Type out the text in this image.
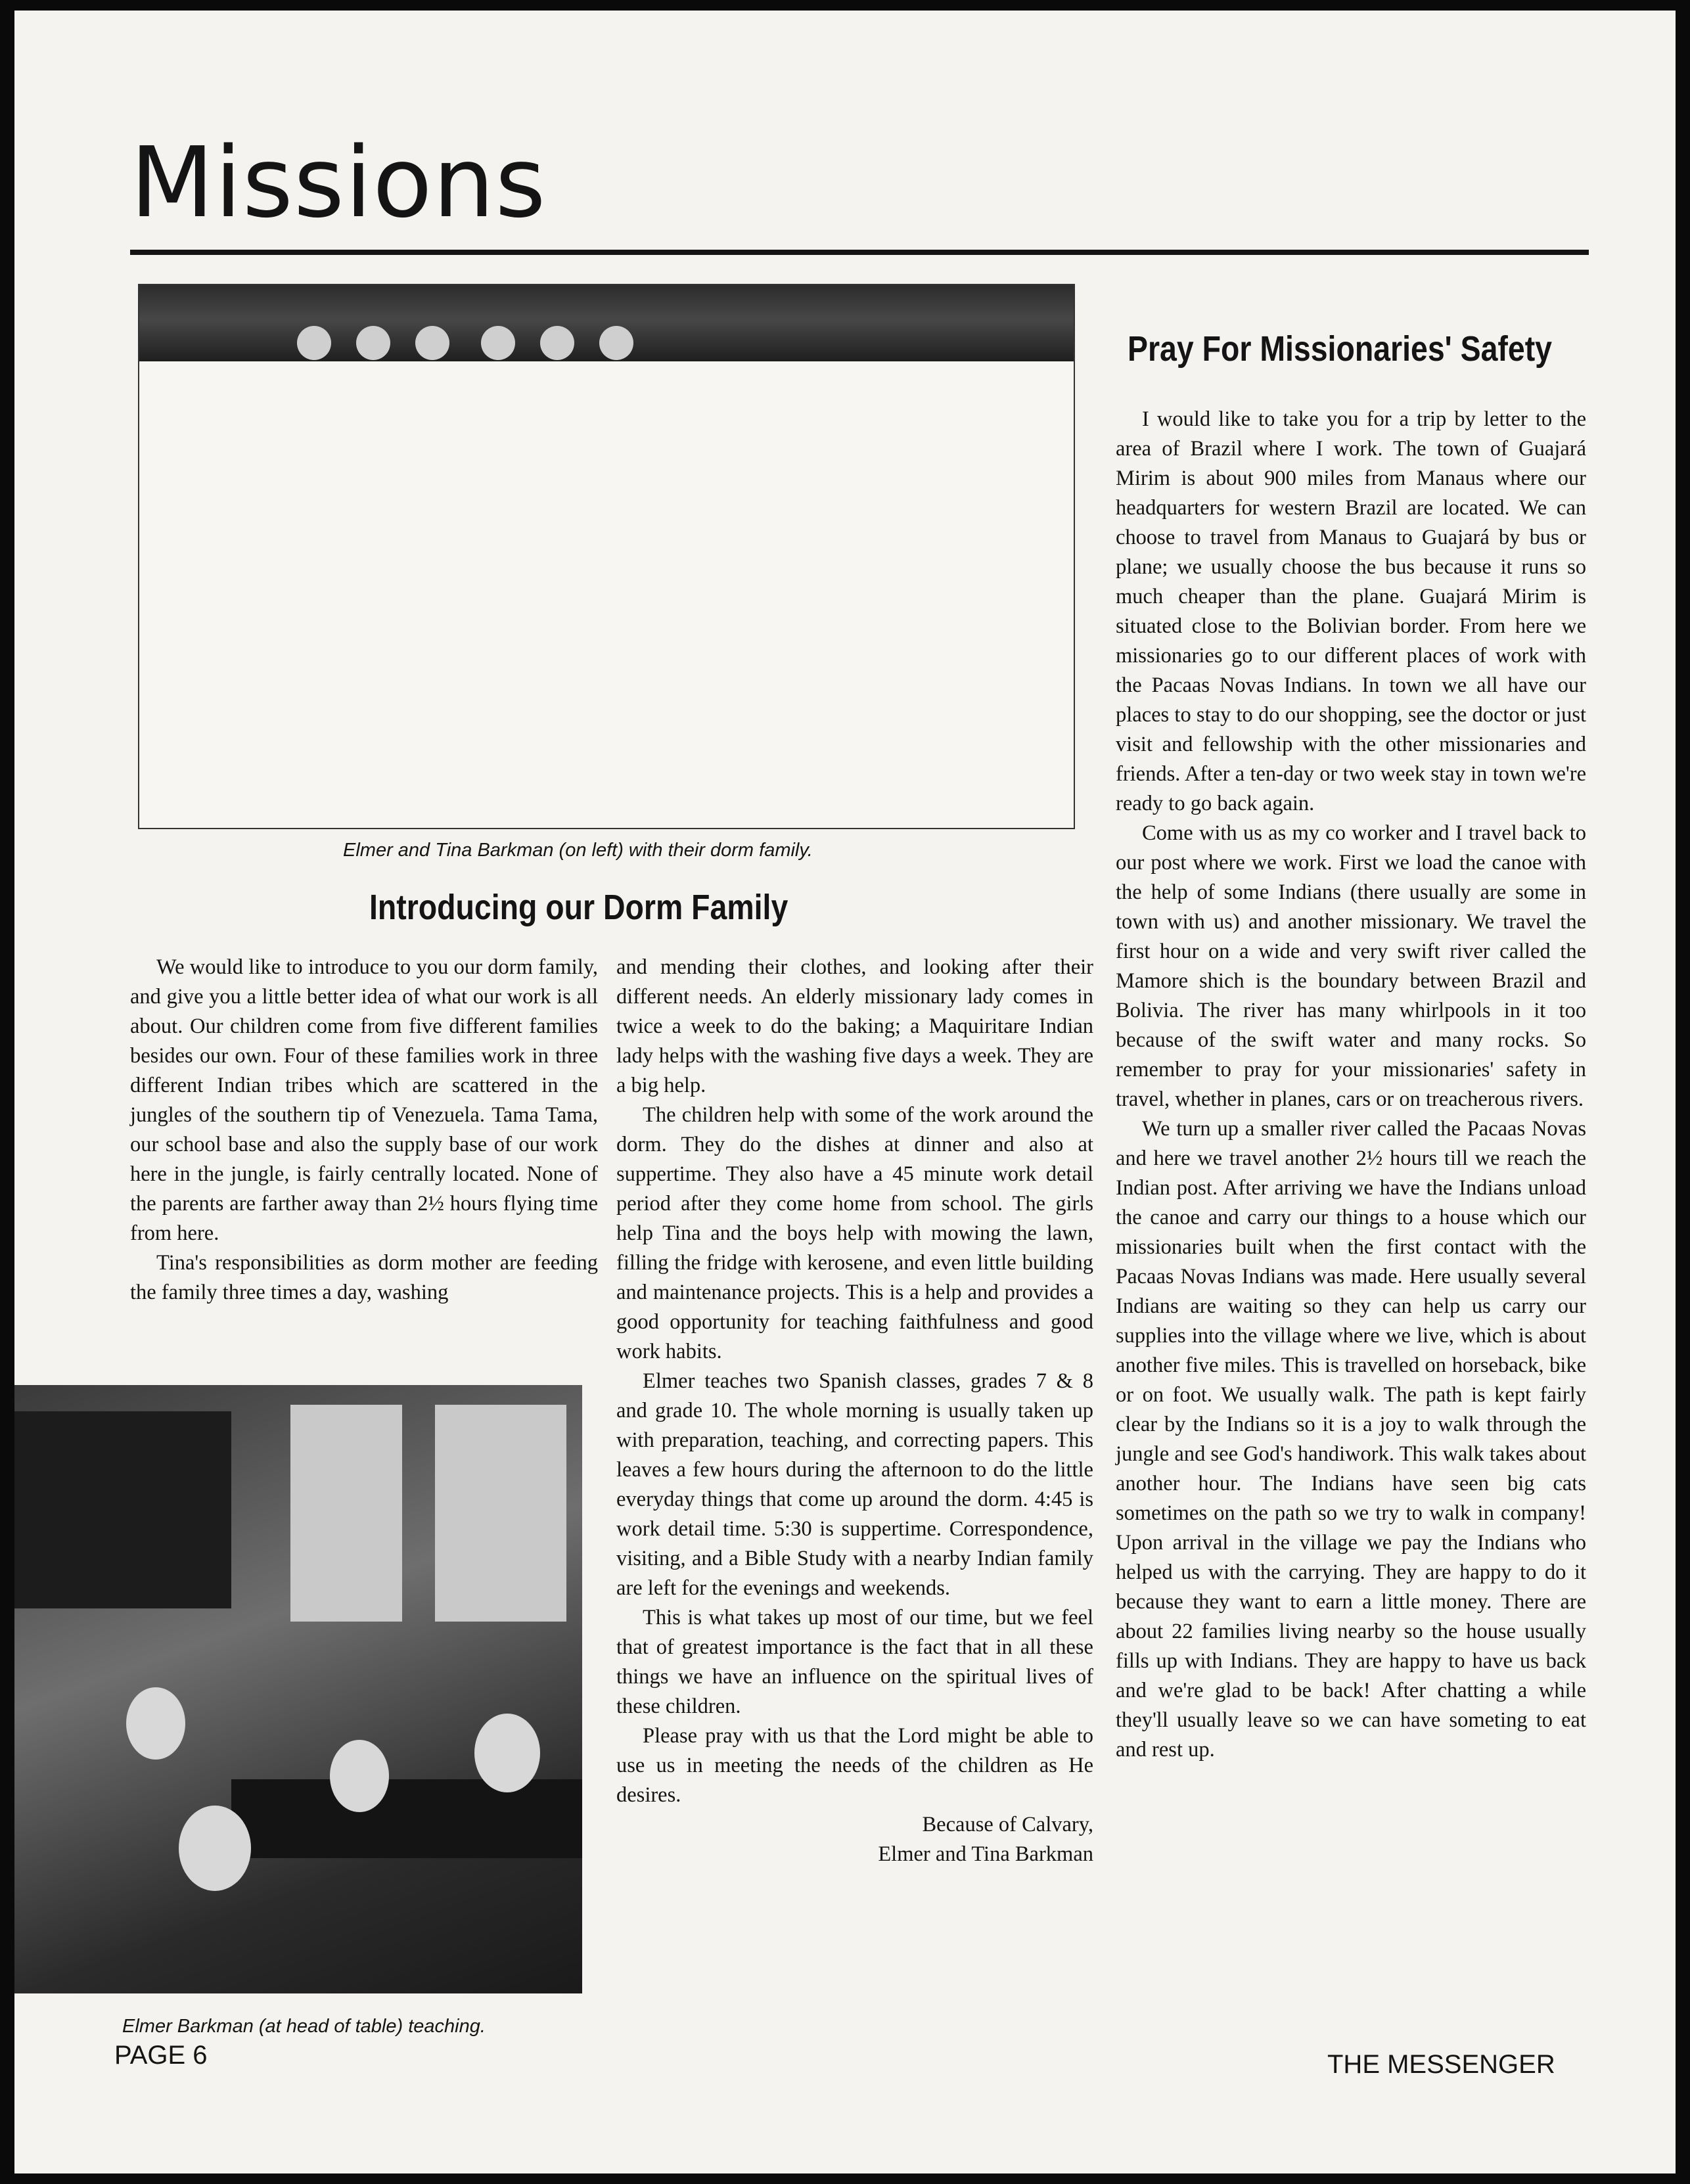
Missions
Elmer and Tina Barkman (on left) with their dorm family.
Introducing our Dorm Family

We would like to introduce to you our dorm family, and give you a little better idea of what our work is all about. Our children come from five different families besides our own. Four of these families work in three different Indian tribes which are scattered in the jungles of the southern tip of Venezuela. Tama Tama, our school base and also the supply base of our work here in the jungle, is fairly centrally located. None of the parents are farther away than 2½ hours flying time from here.

Tina's responsibilities as dorm mother are feeding the family three times a day, washing

Elmer Barkman (at head of table) teaching.

and mending their clothes, and looking after their different needs. An elderly missionary lady comes in twice a week to do the baking; a Maquiritare Indian lady helps with the washing five days a week. They are a big help.

The children help with some of the work around the dorm. They do the dishes at dinner and also at suppertime. They also have a 45 minute work detail period after they come home from school. The girls help Tina and the boys help with mowing the lawn, filling the fridge with kerosene, and even little building and maintenance projects. This is a help and provides a good opportunity for teaching faithfulness and good work habits.

Elmer teaches two Spanish classes, grades 7 & 8 and grade 10. The whole morning is usually taken up with preparation, teaching, and correcting papers. This leaves a few hours during the afternoon to do the little everyday things that come up around the dorm. 4:45 is work detail time. 5:30 is suppertime. Correspondence, visiting, and a Bible Study with a nearby Indian family are left for the evenings and weekends.

This is what takes up most of our time, but we feel that of greatest importance is the fact that in all these things we have an influence on the spiritual lives of these children.

Please pray with us that the Lord might be able to use us in meeting the needs of the children as He desires.

Because of Calvary,

Elmer and Tina Barkman

Pray For Missionaries' Safety

I would like to take you for a trip by letter to the area of Brazil where I work. The town of Guajará Mirim is about 900 miles from Manaus where our headquarters for western Brazil are located. We can choose to travel from Manaus to Guajará by bus or plane; we usually choose the bus because it runs so much cheaper than the plane. Guajará Mirim is situated close to the Bolivian border. From here we missionaries go to our different places of work with the Pacaas Novas Indians. In town we all have our places to stay to do our shopping, see the doctor or just visit and fellowship with the other missionaries and friends. After a ten-day or two week stay in town we're ready to go back again.

Come with us as my co worker and I travel back to our post where we work. First we load the canoe with the help of some Indians (there usually are some in town with us) and another missionary. We travel the first hour on a wide and very swift river called the Mamore shich is the boundary between Brazil and Bolivia. The river has many whirlpools in it too because of the swift water and many rocks. So remember to pray for your missionaries' safety in travel, whether in planes, cars or on treacherous rivers.

We turn up a smaller river called the Pacaas Novas and here we travel another 2½ hours till we reach the Indian post. After arriving we have the Indians unload the canoe and carry our things to a house which our missionaries built when the first contact with the Pacaas Novas Indians was made. Here usually several Indians are waiting so they can help us carry our supplies into the village where we live, which is about another five miles. This is travelled on horseback, bike or on foot. We usually walk. The path is kept fairly clear by the Indians so it is a joy to walk through the jungle and see God's handiwork. This walk takes about another hour. The Indians have seen big cats sometimes on the path so we try to walk in company! Upon arrival in the village we pay the Indians who helped us with the carrying. They are happy to do it because they want to earn a little money. There are about 22 families living nearby so the house usually fills up with Indians. They are happy to have us back and we're glad to be back! After chatting a while they'll usually leave so we can have someting to eat and rest up.

PAGE 6	THE MESSENGER
